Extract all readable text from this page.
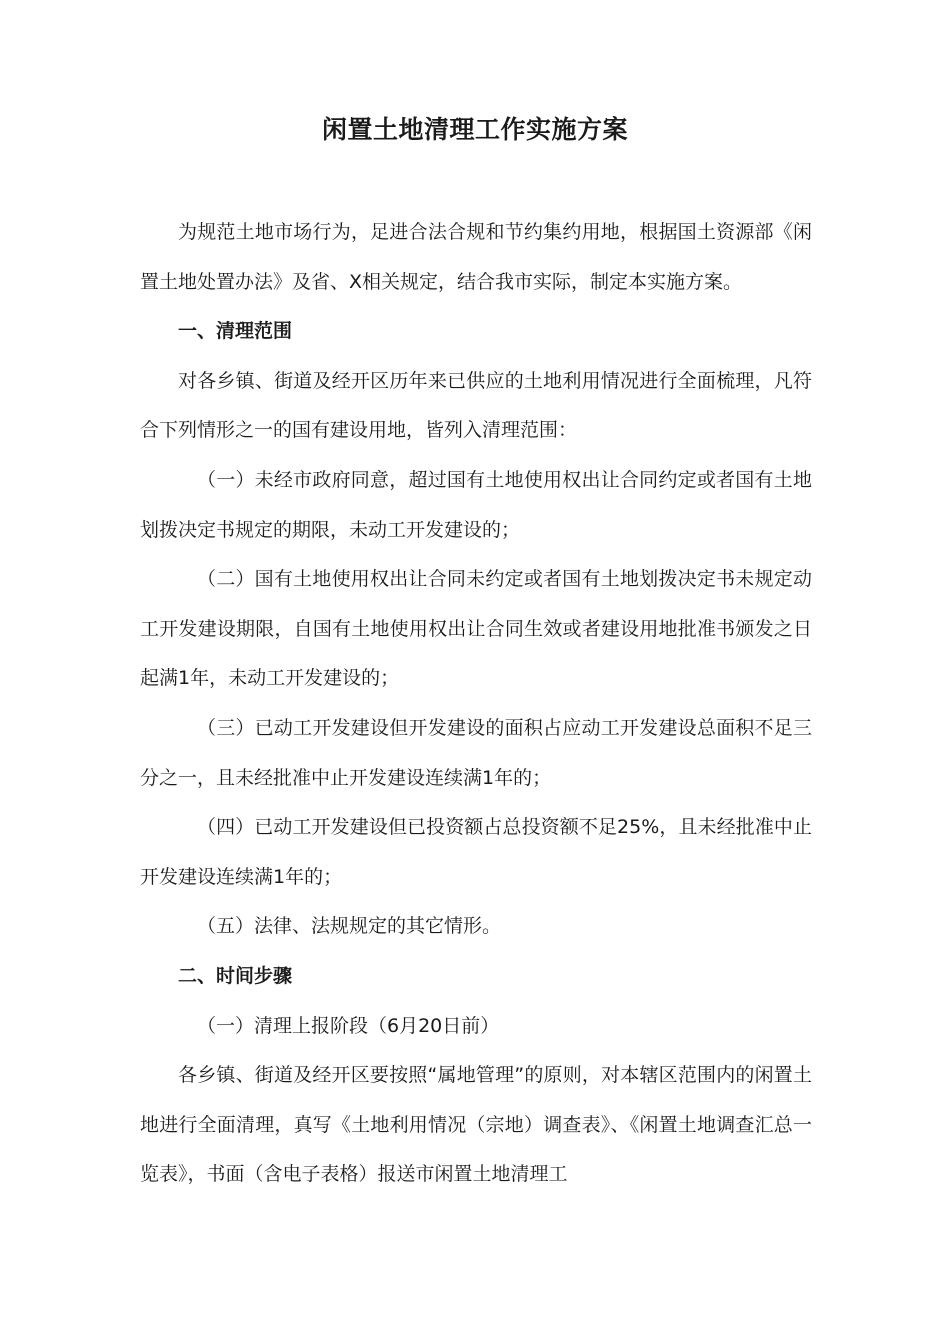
闲置土地清理工作实施方案

为规范土地市场行为，足进合法合规和节约集约用地，根据国土资源部《闲置土地处置办法》及省、X相关规定，结合我市实际，制定本实施方案。

一、清理范围

对各乡镇、街道及经开区历年来已供应的土地利用情况进行全面梳理，凡符合下列情形之一的国有建设用地，皆列入清理范围：

（一）未经市政府同意，超过国有土地使用权出让合同约定或者国有土地划拨决定书规定的期限，未动工开发建设的；

（二）国有土地使用权出让合同未约定或者国有土地划拨决定书未规定动工开发建设期限，自国有土地使用权出让合同生效或者建设用地批准书颁发之日起满1年，未动工开发建设的；

（三）已动工开发建设但开发建设的面积占应动工开发建设总面积不足三分之一，且未经批准中止开发建设连续满1年的；

（四）已动工开发建设但已投资额占总投资额不足25%，且未经批准中止开发建设连续满1年的；

（五）法律、法规规定的其它情形。

二、时间步骤

（一）清理上报阶段（6月20日前）

各乡镇、街道及经开区要按照“属地管理”的原则，对本辖区范围内的闲置土地进行全面清理，真写《土地利用情况（宗地）调查表》、《闲置土地调查汇总一览表》，书面（含电子表格）报送市闲置土地清理工
